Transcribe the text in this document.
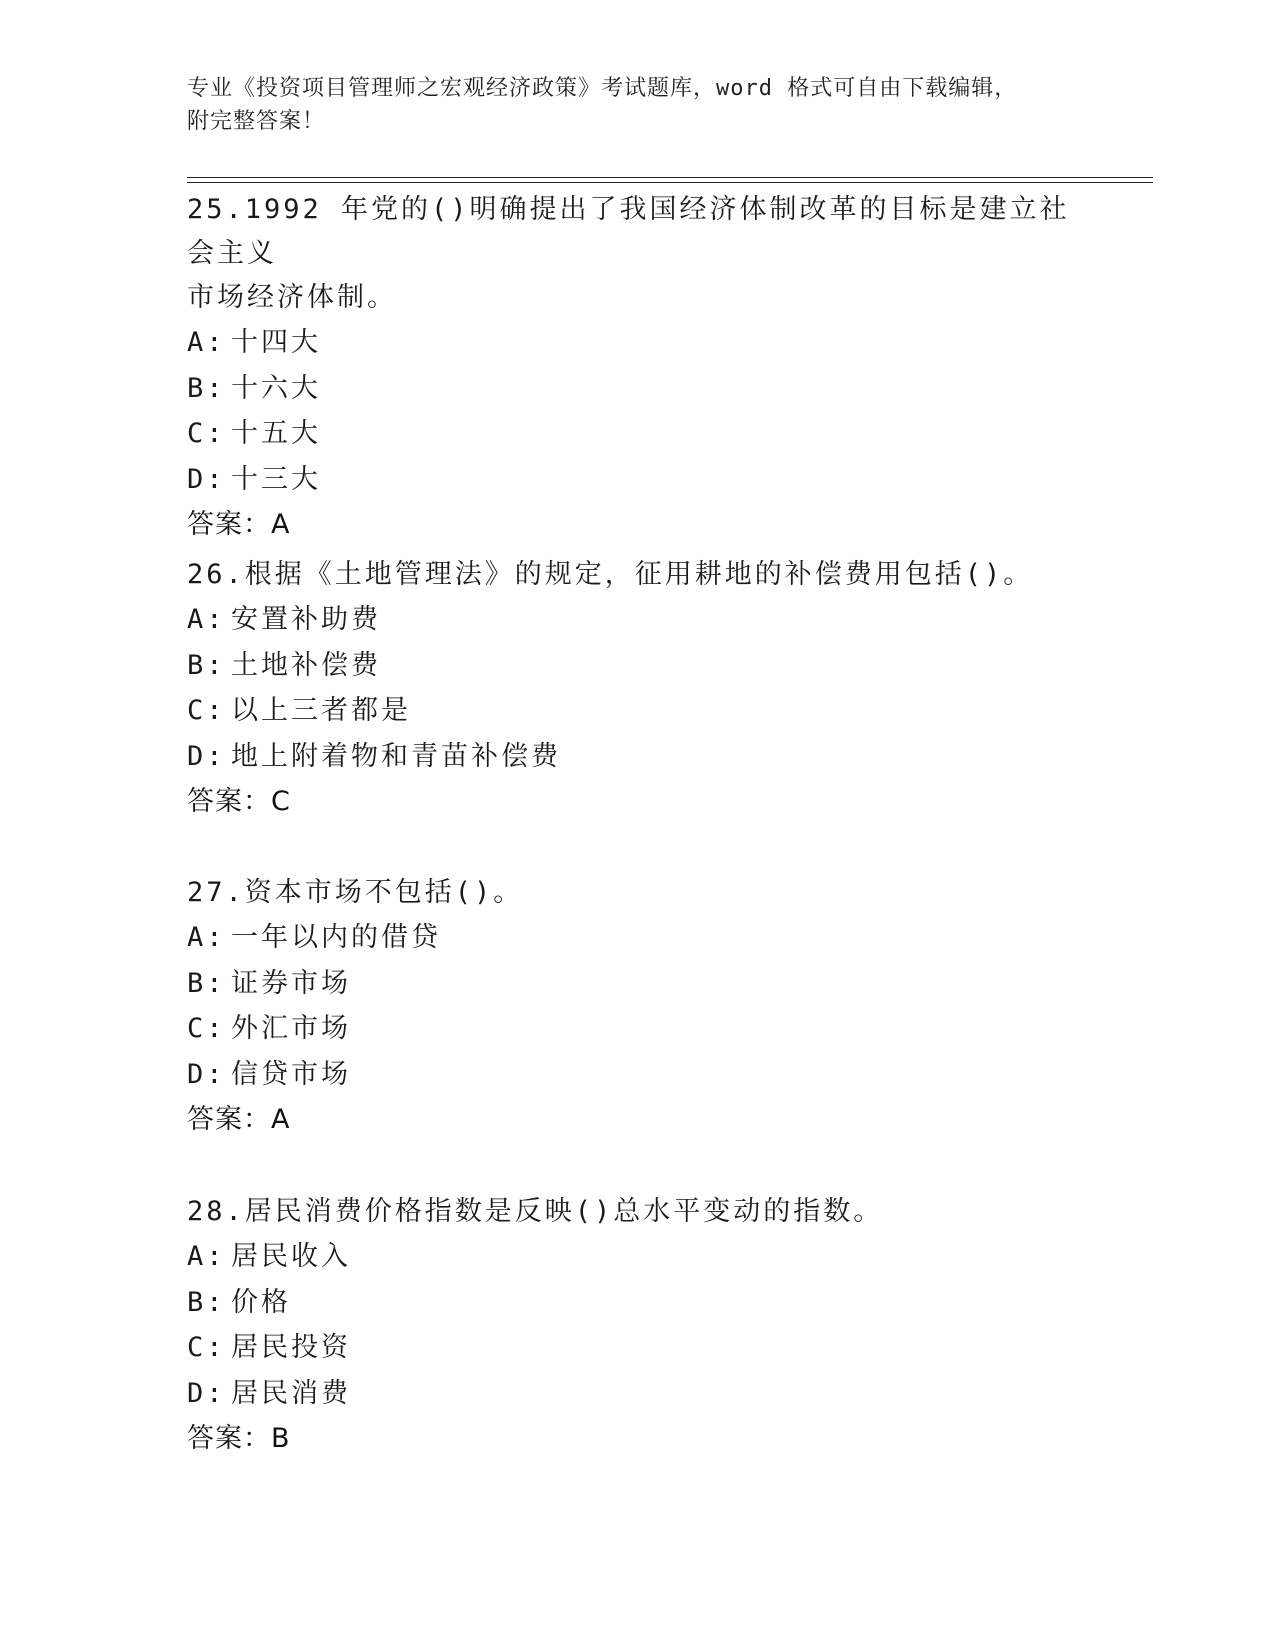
专业《投资项目管理师之宏观经济政策》考试题库，word 格式可自由下载编辑，
附完整答案！

25.1992 年党的()明确提出了我国经济体制改革的目标是建立社会主义

市场经济体制。

A: 十四大

B: 十六大

C: 十五大

D: 十三大

答案：A

26.根据《土地管理法》的规定，征用耕地的补偿费用包括()。

A: 安置补助费

B: 土地补偿费

C: 以上三者都是

D: 地上附着物和青苗补偿费

答案：C

27.资本市场不包括()。

A: 一年以内的借贷

B: 证券市场

C: 外汇市场

D: 信贷市场

答案：A

28.居民消费价格指数是反映()总水平变动的指数。

A: 居民收入

B: 价格

C: 居民投资

D: 居民消费

答案：B
